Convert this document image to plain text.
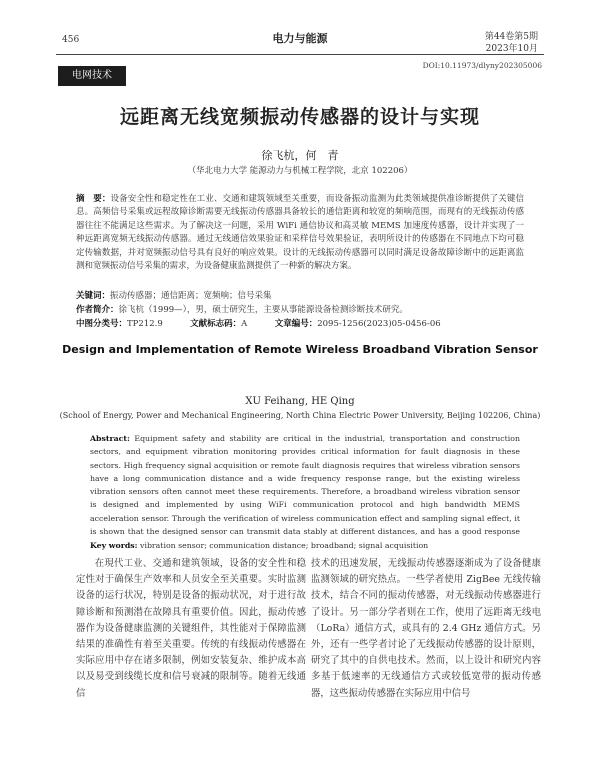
456	电力与能源	第44卷第5期
2023年10月
电网技术
DOI:10.11973/dlyny202305006
远距离无线宽频振动传感器的设计与实现
徐飞杭，何　青
（华北电力大学 能源动力与机械工程学院，北京 102206）
摘　要：设备安全性和稳定性在工业、交通和建筑领域至关重要，而设备振动监测为此类领域提供准诊断提供了关键信息。高频信号采集或远程故障诊断需要无线振动传感器具备较长的通信距离和较宽的频响范围，而现有的无线振动传感器往往不能满足这些需求。为了解决这一问题，采用 WiFi 通信协议和高灵敏 MEMS 加速度传感器，设计并实现了一种远距离宽频无线振动传感器。通过无线通信效果验证和采样信号效果验证，表明所设计的传感器在不同地点下均可稳定传输数据，并对宽频振动信号具有良好的响应效果。设计的无线振动传感器可以同时满足设备故障诊断中的远距离监测和宽频振动信号采集的需求，为设备健康监测提供了一种新的解决方案。
关键词：振动传感器；通信距离；宽频响；信号采集
作者简介：徐飞杭（1999—），男，硕士研究生，主要从事能源设备检测诊断技术研究。
中图分类号：TP212.9	文献标志码：A	文章编号：2095-1256(2023)05-0456-06
Design and Implementation of Remote Wireless Broadband Vibration Sensor
XU Feihang, HE Qing
(School of Energy, Power and Mechanical Engineering, North China Electric Power University, Beijing 102206, China)
Abstract: Equipment safety and stability are critical in the industrial, transportation and construction sectors, and equipment vibration monitoring provides critical information for fault diagnosis in these sectors. High frequency signal acquisition or remote fault diagnosis requires that wireless vibration sensors have a long communication distance and a wide frequency response range, but the existing wireless vibration sensors often cannot meet these requirements. Therefore, a broadband wireless vibration sensor is designed and implemented by using WiFi communication protocol and high bandwidth MEMS acceleration sensor. Through the verification of wireless communication effect and sampling signal effect, it is shown that the designed sensor can transmit data stably at different distances, and has a good response
Key words: vibration sensor; communication distance; broadband; signal acquisition
在現代工业、交通和建筑领域，设备的安全性和稳定性对于确保生产效率和人员安全至关重要。实时监测设备的运行状况，特别是设备的振动状况，对于进行故障诊断和预测潜在故障具有重要价值。因此，振动传感器作为设备健康监测的关键组件，其性能对于保障监测结果的准确性有着至关重要。传统的有线振动传感器在实际应用中存在诸多限制，例如安装复杂、维护成本高以及易受到线缆长度和信号衰减的限制等。随着无线通信
技术的迅速发展，无线振动传感器逐渐成为了设备健康监测领域的研究热点。一些学者使用 ZigBee 无线传输技术，结合不同的振动传感器，对无线振动传感器进行了设计。另一部分学者则在工作，使用了远距离无线电（LoRa）通信方式，或具有的 2.4 GHz 通信方式。另外，还有一些学者讨论了无线振动传感器的设计原则，研究了其中的自供电技术。然而，以上设计和研究内容多基于低速率的无线通信方式或较低宽带的振动传感器，这些振动传感器在实际应用中信号
